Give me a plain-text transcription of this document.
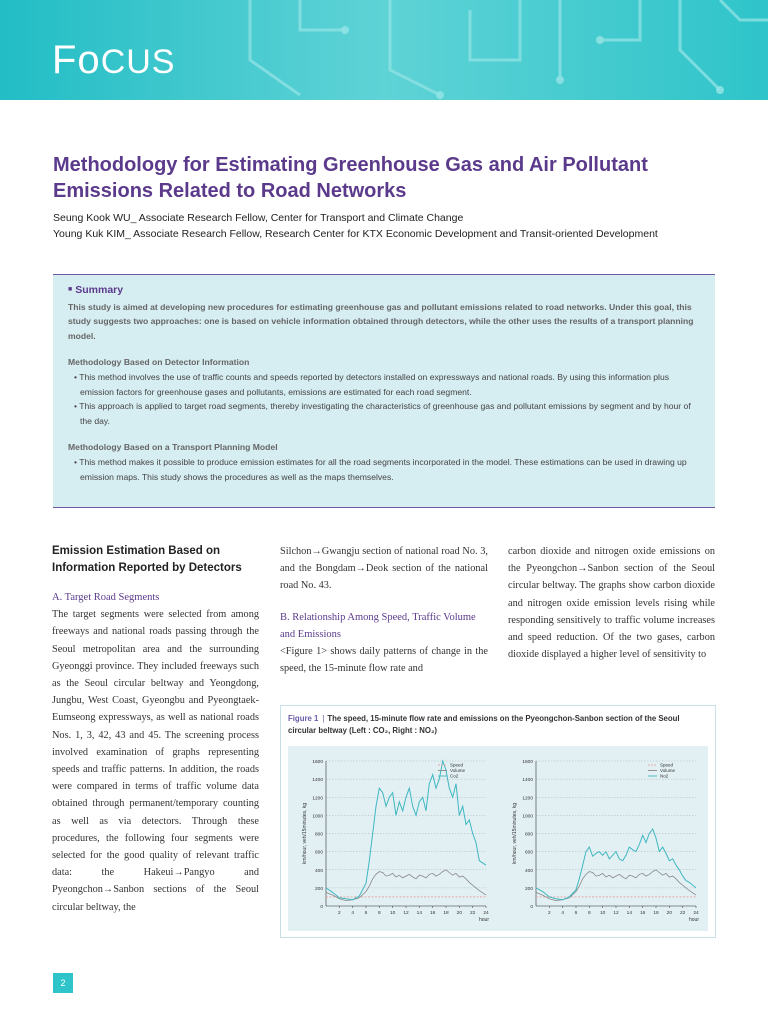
FoCUS
Methodology for Estimating Greenhouse Gas and Air Pollutant Emissions Related to Road Networks
Seung Kook WU_ Associate Research Fellow, Center for Transport and Climate Change
Young Kuk KIM_ Associate Research Fellow, Research Center for KTX Economic Development and Transit-oriented Development
■ Summary
This study is aimed at developing new procedures for estimating greenhouse gas and pollutant emissions related to road networks. Under this goal, this study suggests two approaches: one is based on vehicle information obtained through detectors, while the other uses the results of a transport planning model.
Methodology Based on Detector Information
• This method involves the use of traffic counts and speeds reported by detectors installed on expressways and national roads. By using this information plus emission factors for greenhouse gases and pollutants, emissions are estimated for each road segment.
• This approach is applied to target road segments, thereby investigating the characteristics of greenhouse gas and pollutant emissions by segment and by hour of the day.
Methodology Based on a Transport Planning Model
• This method makes it possible to produce emission estimates for all the road segments incorporated in the model. These estimations can be used in drawing up emission maps. This study shows the procedures as well as the maps themselves.
Emission Estimation Based on Information Reported by Detectors
A. Target Road Segments

The target segments were selected from among freeways and national roads passing through the Seoul metropolitan area and the surrounding Gyeonggi province. They included freeways such as the Seoul circular beltway and Yeongdong, Jungbu, West Coast, Gyeongbu and Pyeongtaek-Eumseong expressways, as well as national roads Nos. 1, 3, 42, 43 and 45. The screening process involved examination of graphs representing speeds and traffic patterns. In addition, the roads were compared in terms of traffic volume data obtained through permanent/temporary counting as well as via detectors. Through these procedures, the following four segments were selected for the good quality of relevant traffic data: the Hakeui→Pangyo and Pyeongchon→Sanbon sections of the Seoul circular beltway, the

Silchon→Gwangju section of national road No. 3, and the Bongdam→Deok section of the national road No. 43.

B. Relationship Among Speed, Traffic Volume and Emissions

<Figure 1> shows daily patterns of change in the speed, the 15-minute flow rate and

carbon dioxide and nitrogen oxide emissions on the Pyeongchon→Sanbon section of the Seoul circular beltway. The graphs show carbon dioxide and nitrogen oxide emission levels rising while responding sensitively to traffic volume increases and speed reduction. Of the two gases, carbon dioxide displayed a higher level of sensitivity to

Figure 1 | The speed, 15-minute flow rate and emissions on the Pyeongchon-Sanbon section of the Seoul circular beltway (Left : CO₂, Right : NO₂)
0
200
400
600
800
1000
1200
1400
1600
2 4 6 8 10 12 14 16 18 20 22 24
hour
km/hour, veh/15minutes, kg
Speed
Volume
Co2
0
200
400
600
800
1000
1200
1400
1600
2 4 6 8 10 12 14 16 18 20 22 24
hour
km/hour, veh/15minutes, kg
Speed
Volume
No2
2
